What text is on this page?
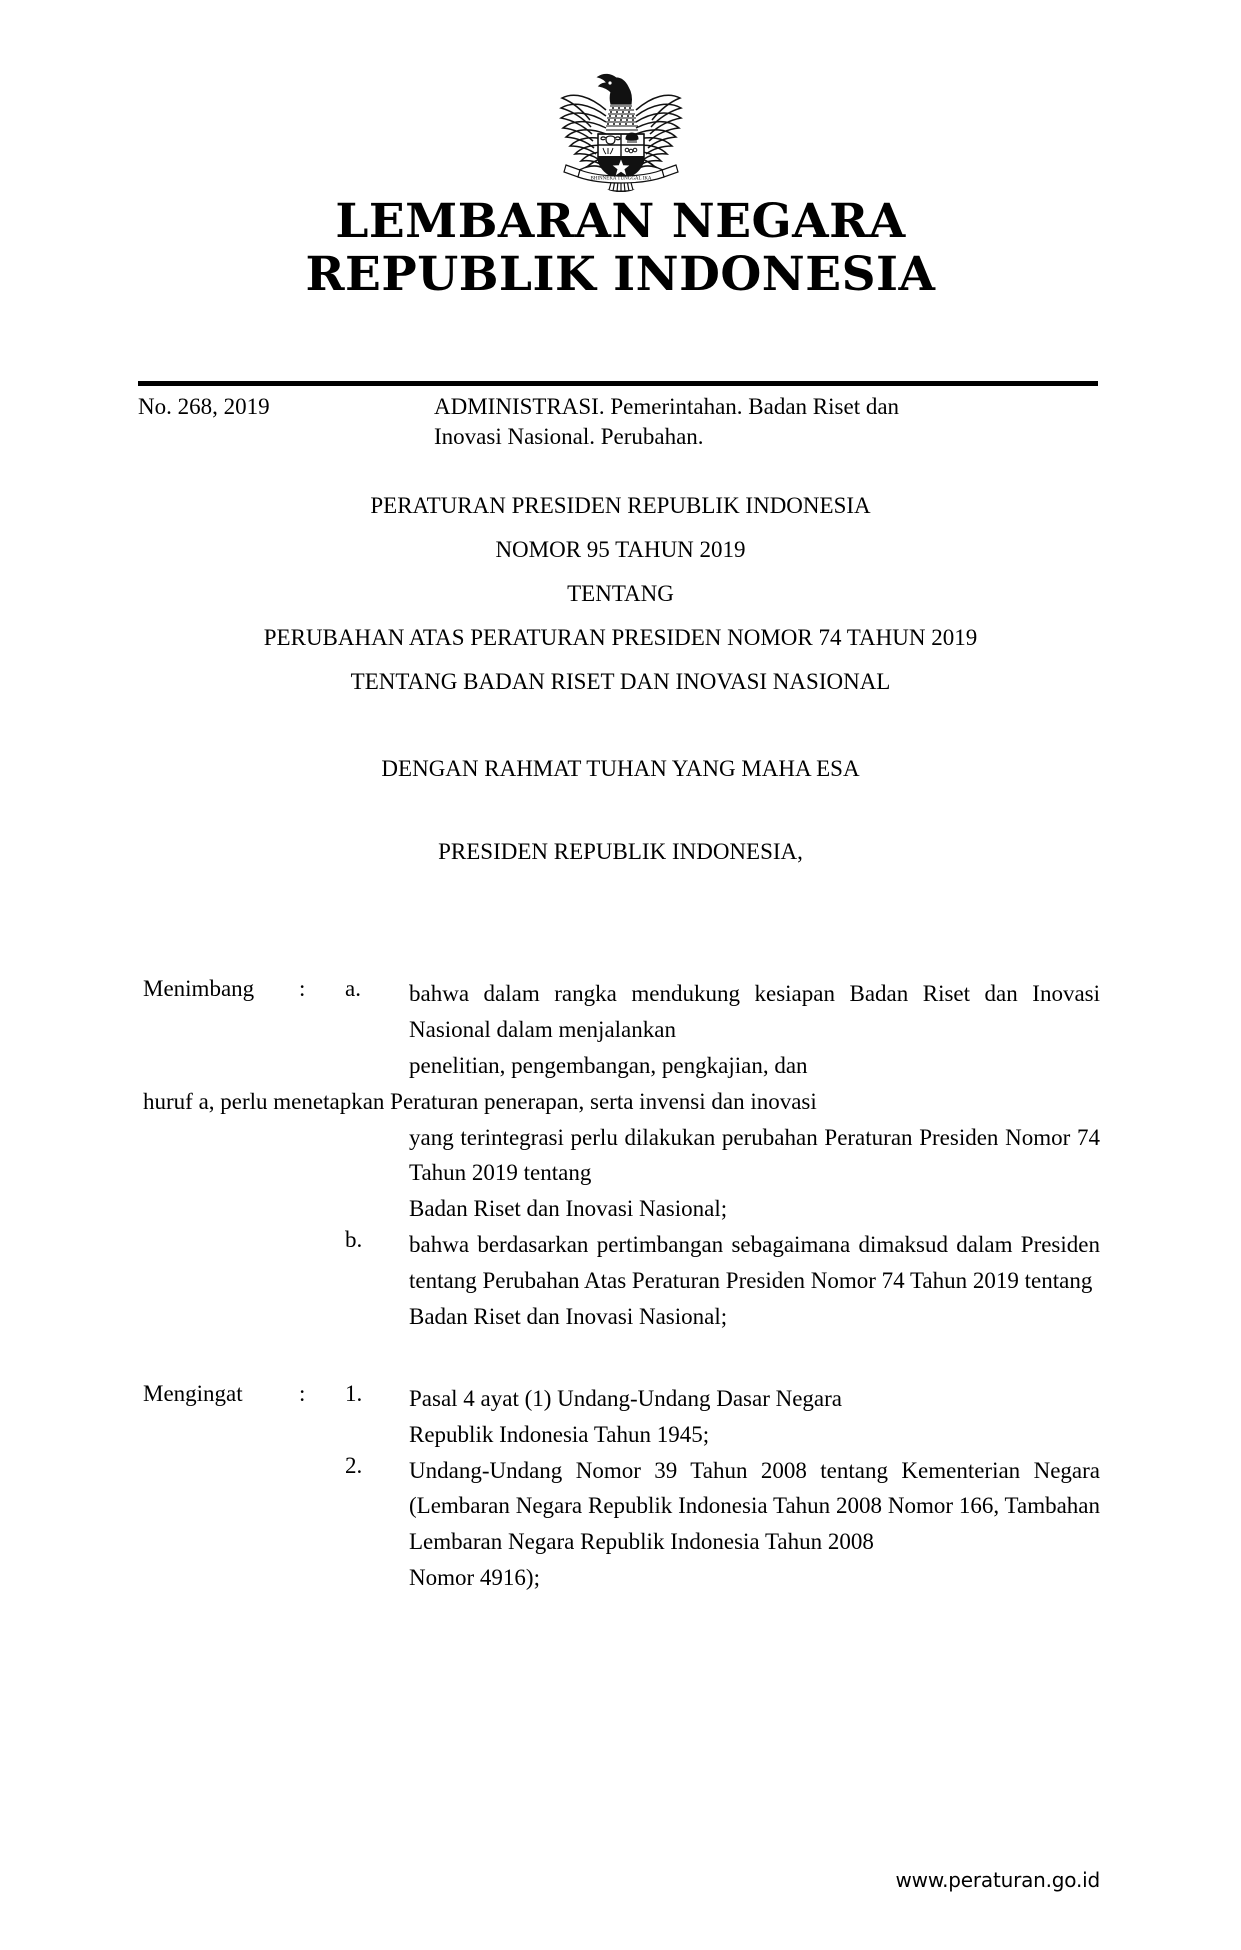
BHINNEKA TUNGGAL IKA
LEMBARAN NEGARA
REPUBLIK INDONESIA
No. 268, 2019	ADMINISTRASI. Pemerintahan. Badan Riset dan
Inovasi Nasional. Perubahan.
PERATURAN PRESIDEN REPUBLIK INDONESIA
NOMOR 95 TAHUN 2019
TENTANG
PERUBAHAN ATAS PERATURAN PRESIDEN NOMOR 74 TAHUN 2019
TENTANG BADAN RISET DAN INOVASI NASIONAL
DENGAN RAHMAT TUHAN YANG MAHA ESA
PRESIDEN REPUBLIK INDONESIA,
Menimbang	: a.	bahwa dalam rangka mendukung kesiapan Badan Riset dan Inovasi Nasional dalam menjalankan
penelitian, pengembangan, pengkajian, dan
huruf a, perlu menetapkan Peraturan penerapan, serta invensi dan inovasi
yang terintegrasi perlu dilakukan perubahan Peraturan Presiden Nomor 74 Tahun 2019 tentang
Badan Riset dan Inovasi Nasional;
b.	bahwa berdasarkan pertimbangan sebagaimana dimaksud dalam Presiden tentang Perubahan Atas Peraturan Presiden Nomor 74 Tahun 2019 tentang
Badan Riset dan Inovasi Nasional;
Mengingat	: 1.	Pasal 4 ayat (1) Undang-Undang Dasar Negara
Republik Indonesia Tahun 1945;
2.	Undang-Undang Nomor 39 Tahun 2008 tentang Kementerian Negara (Lembaran Negara Republik Indonesia Tahun 2008 Nomor 166, Tambahan Lembaran Negara Republik Indonesia Tahun 2008
Nomor 4916);
www.peraturan.go.id
